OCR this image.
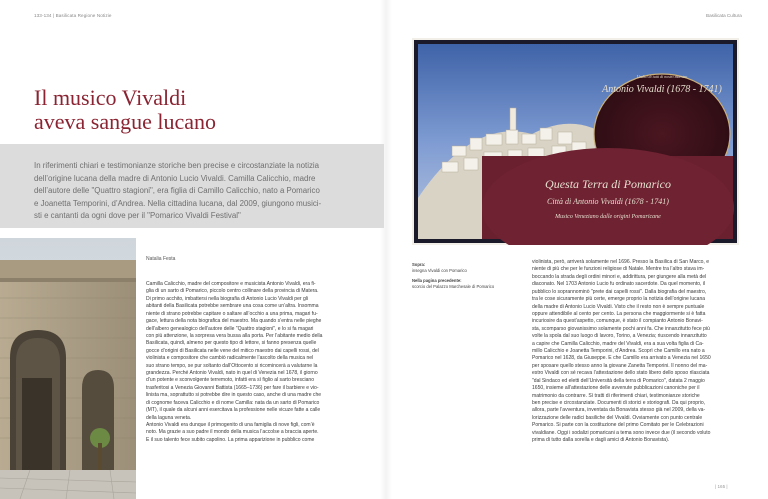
133-134 | Basilicata Regione Notizie	Basilicata Cultura
Il musico Vivaldi
aveva sangue lucano

In riferimenti chiari e testimonianze storiche ben precise e circostanziate la notizia
dell’origine lucana della madre di Antonio Lucio Vivaldi. Camilla Calicchio, madre
dell’autore delle "Quattro stagioni", era figlia di Camillo Calicchio, nato a Pomarico
e Joanetta Temporini, d’Andrea. Nella cittadina lucana, dal 2009, giungono musici-
sti e cantanti da ogni dove per il "Pomarico Vivaldi Festival"

Natalia Festa
Camilla Calicchio, madre del compositore e musicista Antonio Vivaldi, era fi-
glia di un sarto di Pomarico, piccolo centro collinare della provincia di Matera.
Di primo acchito, imbattersi nella biografia di Antonio Lucio Vivaldi per gli
abitanti della Basilicata potrebbe sembrare una cosa come un’altra. Insomma
niente di strano potrebbe capitare o saltare all’occhio a una prima, magari fu-
gace, lettura della nota biografica del maestro. Ma quando s’entra nelle pieghe
dell’albero genealogico dell’autore delle "Quattro stagioni", e lo si fa magari
con più attenzione, la sorpresa vera bussa alla porta. Per l’abitante medio della
Basilicata, quindi, almeno per questo tipo di lettore, si fanno presenza quelle
gocce d’origini di Basilicata nelle vene del mitico maestro dai capelli rossi, del
violinista e compositore che cambiò radicalmente l’ascolto della musica nel
suo strano tempo, se pur soltanto dall’Ottocento si ricomincerà a valutarne la
grandezza. Perché Antonio Vivaldi, nato in quel di Venezia nel 1678, il giorno
d’un potente e sconvolgente terremoto, infatti era sì figlio al sarto bresciano
trasferitosi a Venezia Giovanni Battista (1665–1736) per fare il barbiere e vio-
linista ma, soprattutto si potrebbe dire in questo caso, anche di una madre che
di cognome faceva Calicchio e di nome Camilla: nata da un sarto di Pomarico
(MT), il quale da alcuni anni esercitava la professione nelle vicuze fatte a calle
della laguna veneta.
Antonio Vivaldi era dunque il primogenito di una famiglia di nove figli, com’è
noto. Ma grazie a suo padre il mondo della musica l’accolse a braccia aperte.
E il suo talento fece subito capolino. La prima apparizione in pubblico come
Undici di tutti di nostri maestro
Antonio Vivaldi (1678 - 1741)
Questa Terra di Pomarico
Città di Antonio Vivaldi (1678 - 1741)
Musico Veneziano dalle origini Pomaricane
Sopra:
insegna Vivaldi con Pomarico
Nella pagina precedente:
scorcio del Palazzo Marchesale di Pomarico
violinista, però, arriverà solamente nel 1696. Presso la Basilica di San Marco, e
niente di più che per le funzioni religiose di Natale. Mentre tra l’altro stava im-
boccando la strada degli ordini minori e, addirittura, per giungere alla metà del
diaconato. Nel 1703 Antonio Lucio fu ordinato sacerdote. Da quel momento, il
pubblico lo soprannominò "prete dai capelli rossi". Dalla biografia del maestro,
tra le cose sicuramente più certe, emerge proprio la notizia dell’origine lucana
della madre di Antonio Lucio Vivaldi. Visto che il resto non è sempre puntuale
oppure attendibile al cento per cento. La persona che maggiormente si è fatta
incuriosire da quest’aspetto, comunque, è stato il compianto Antonio Bonavi-
sta, scomparso giovanissimo solamente pochi anni fa. Che innanzitutto fece più
volte la spola dal suo luogo di lavoro, Torino, a Venezia; riuscendo innanzitutto
a capire che Camilla Calicchio, madre del Vivaldi, era a sua volta figlia di Ca-
millo Calicchio e Joanetta Temporini, d’Andrea. Scoprì che Camillo era nato a
Pomarico nel 1628, da Giuseppe. E che Camillo era arrivato a Venezia nel 1650
per sposare quello stesso anno la giovane Zanetta Temporini. Il nonno del ma-
estro Vivaldi con sé recava l’attestazione dello stato libero dello sposo rilasciata
"dal Sindaco ed eletti dell’Università della terra di Pomarico", datata 2 maggio
1650, insieme all’attestazione delle avvenute pubblicazioni canoniche per il
matrimonio da contrarre. Sì tratti di riferimenti chiari, testimonianze storiche
ben precise e circostanziate. Documenti di storici e storiografi. Da qui proprio,
allora, parte l’avventura, inventata da Bonavista stesso già nel 2009, della va-
lorizzazione delle radici basiliche del Vivaldi. Ovviamente con punto centrale
Pomarico. Si parte con la costituzione del primo Comitato per le Celebrazioni
vivaldiane. Oggi i sodalizi pomaricani a tema sono invece due (il secondo voluto
prima di tutto dalla sorella e dagli amici di Antonio Bonavista).
| 165 |
